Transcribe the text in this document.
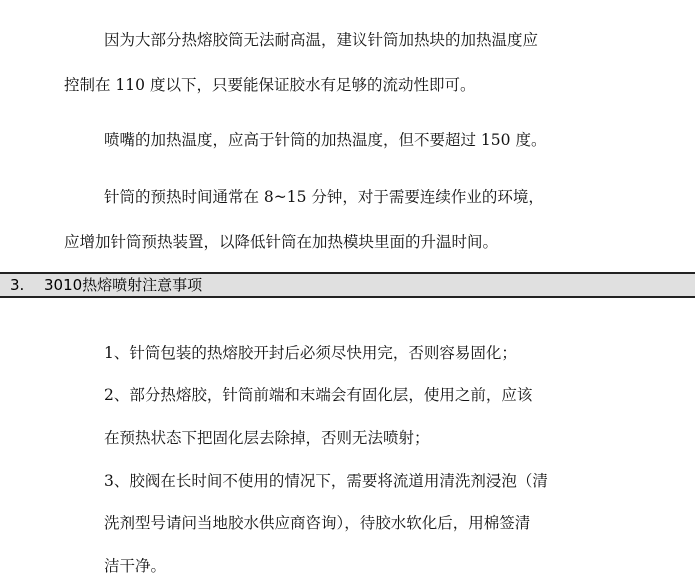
因为大部分热熔胶筒无法耐高温，建议针筒加热块的加热温度应
控制在 110 度以下，只要能保证胶水有足够的流动性即可。
喷嘴的加热温度，应高于针筒的加热温度，但不要超过 150 度。
针筒的预热时间通常在 8~15 分钟，对于需要连续作业的环境，
应增加针筒预热装置，以降低针筒在加热模块里面的升温时间。
3. 3010热熔喷射注意事项
1、针筒包装的热熔胶开封后必须尽快用完，否则容易固化；
2、部分热熔胶，针筒前端和末端会有固化层，使用之前，应该
在预热状态下把固化层去除掉，否则无法喷射；
3、胶阀在长时间不使用的情况下，需要将流道用清洗剂浸泡（清
洗剂型号请问当地胶水供应商咨询），待胶水软化后，用棉签清
洁干净。
